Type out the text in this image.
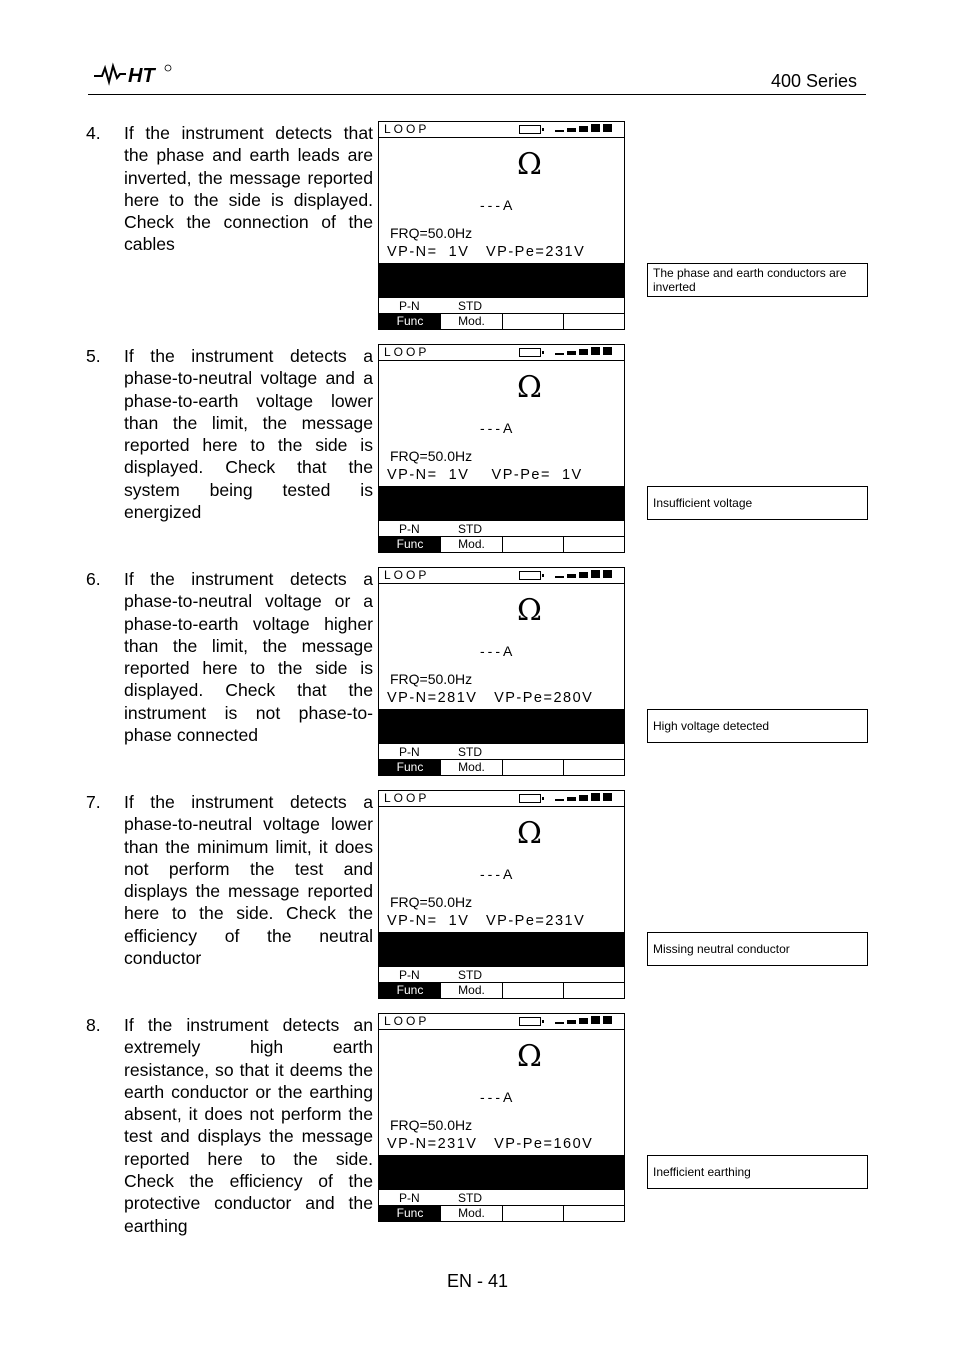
HT	400 Series
4. If the instrument detects that the phase and earth leads are inverted, the message reported here to the side is displayed. Check the connection of the cables
LOOP
Ω
---A
FRQ=50.0Hz
VP-N=  1V VP-Pe=231V
P-N	STD
Func	Mod.
The phase and earth conductors are inverted
5. If the instrument detects a phase-to-neutral voltage and a phase-to-earth voltage lower than the limit, the message reported here to the side is displayed. Check that the system being tested is energized
LOOP
Ω
---A
FRQ=50.0Hz
VP-N=  1V VP-Pe=  1V
P-N	STD
Func	Mod.
Insufficient voltage
6. If the instrument detects a phase-to-neutral voltage or a phase-to-earth voltage higher than the limit, the message reported here to the side is displayed. Check that the instrument is not phase-to-phase connected
LOOP
Ω
---A
FRQ=50.0Hz
VP-N=281V VP-Pe=280V
P-N	STD
Func	Mod.
High voltage detected
7. If the instrument detects a phase-to-neutral voltage lower than the minimum limit, it does not perform the test and displays the message reported here to the side. Check the efficiency of the neutral conductor
LOOP
Ω
---A
FRQ=50.0Hz
VP-N=  1V VP-Pe=231V
P-N	STD
Func	Mod.
Missing neutral conductor
8. If the instrument detects an extremely high earth resistance, so that it deems the earth conductor or the earthing absent, it does not perform the test and displays the message reported here to the side. Check the efficiency of the protective conductor and the earthing
LOOP
Ω
---A
FRQ=50.0Hz
VP-N=231V VP-Pe=160V
P-N	STD
Func	Mod.
Inefficient earthing
EN - 41
